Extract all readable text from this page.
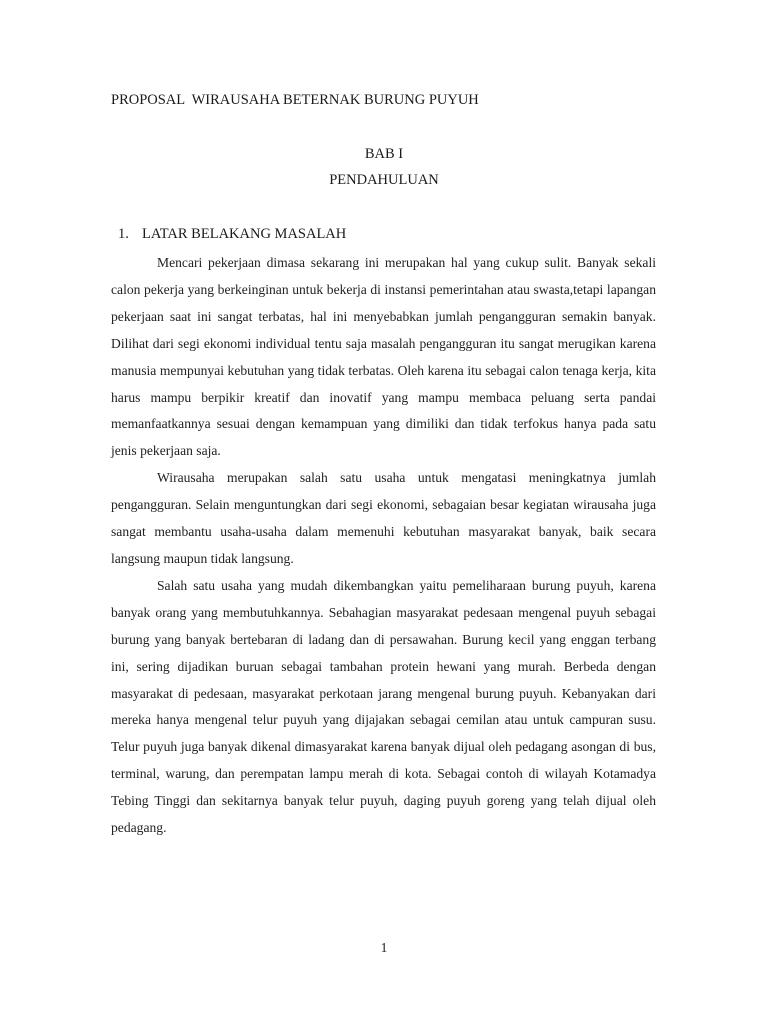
PROPOSAL  WIRAUSAHA BETERNAK BURUNG PUYUH
BAB I
PENDAHULUAN
1. LATAR BELAKANG MASALAH

Mencari pekerjaan dimasa sekarang ini merupakan hal yang cukup sulit. Banyak sekali calon pekerja yang berkeinginan untuk bekerja di instansi pemerintahan atau swasta,tetapi lapangan pekerjaan saat ini sangat terbatas, hal ini menyebabkan jumlah pengangguran semakin banyak. Dilihat dari segi ekonomi individual tentu saja masalah pengangguran itu sangat merugikan karena manusia mempunyai kebutuhan yang tidak terbatas. Oleh karena itu sebagai calon tenaga kerja, kita harus mampu berpikir kreatif dan inovatif yang mampu membaca peluang serta pandai memanfaatkannya sesuai dengan kemampuan yang dimiliki dan tidak terfokus hanya pada satu jenis pekerjaan saja.

Wirausaha merupakan salah satu usaha untuk mengatasi meningkatnya jumlah pengangguran. Selain menguntungkan dari segi ekonomi, sebagaian besar kegiatan wirausaha juga sangat membantu usaha-usaha dalam memenuhi kebutuhan masyarakat banyak, baik secara langsung maupun tidak langsung.

Salah satu usaha yang mudah dikembangkan yaitu pemeliharaan burung puyuh, karena banyak orang yang membutuhkannya. Sebahagian masyarakat pedesaan mengenal puyuh sebagai burung yang banyak bertebaran di ladang dan di persawahan. Burung kecil yang enggan terbang ini, sering dijadikan buruan sebagai tambahan protein hewani yang murah. Berbeda dengan masyarakat di pedesaan, masyarakat perkotaan jarang mengenal burung puyuh. Kebanyakan dari mereka hanya mengenal telur puyuh yang dijajakan sebagai cemilan atau untuk campuran susu. Telur puyuh juga banyak dikenal dimasyarakat karena banyak dijual oleh pedagang asongan di bus, terminal, warung, dan perempatan lampu merah di kota. Sebagai contoh di wilayah Kotamadya Tebing Tinggi dan sekitarnya banyak telur puyuh, daging puyuh goreng yang telah dijual oleh pedagang.

1
